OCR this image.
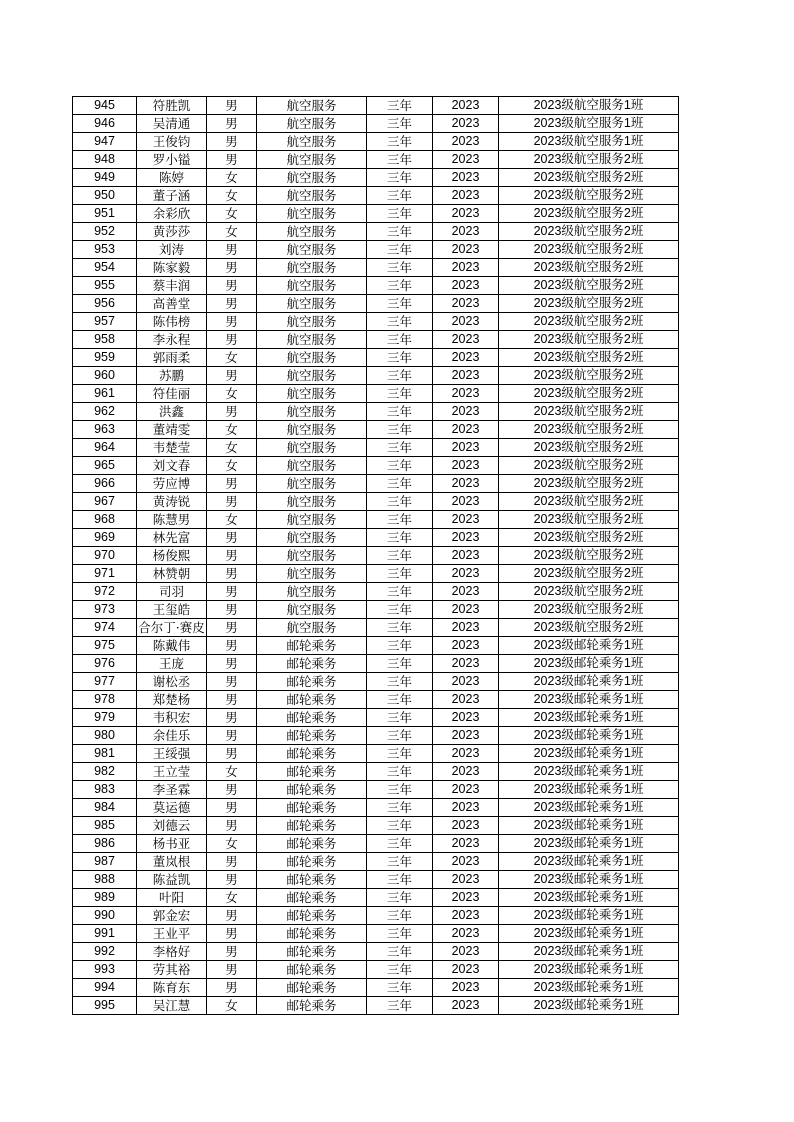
945	符胜凯	男	航空服务	三年	2023	2023级航空服务1班
946	吴清通	男	航空服务	三年	2023	2023级航空服务1班
947	王俊钧	男	航空服务	三年	2023	2023级航空服务1班
948	罗小镒	男	航空服务	三年	2023	2023级航空服务2班
949	陈婷	女	航空服务	三年	2023	2023级航空服务2班
950	董子涵	女	航空服务	三年	2023	2023级航空服务2班
951	余彩欣	女	航空服务	三年	2023	2023级航空服务2班
952	黄莎莎	女	航空服务	三年	2023	2023级航空服务2班
953	刘涛	男	航空服务	三年	2023	2023级航空服务2班
954	陈家毅	男	航空服务	三年	2023	2023级航空服务2班
955	蔡丰润	男	航空服务	三年	2023	2023级航空服务2班
956	高善堂	男	航空服务	三年	2023	2023级航空服务2班
957	陈伟榜	男	航空服务	三年	2023	2023级航空服务2班
958	李永程	男	航空服务	三年	2023	2023级航空服务2班
959	郭雨柔	女	航空服务	三年	2023	2023级航空服务2班
960	苏鹏	男	航空服务	三年	2023	2023级航空服务2班
961	符佳丽	女	航空服务	三年	2023	2023级航空服务2班
962	洪鑫	男	航空服务	三年	2023	2023级航空服务2班
963	董靖雯	女	航空服务	三年	2023	2023级航空服务2班
964	韦楚莹	女	航空服务	三年	2023	2023级航空服务2班
965	刘文春	女	航空服务	三年	2023	2023级航空服务2班
966	劳应博	男	航空服务	三年	2023	2023级航空服务2班
967	黄涛锐	男	航空服务	三年	2023	2023级航空服务2班
968	陈慧男	女	航空服务	三年	2023	2023级航空服务2班
969	林先富	男	航空服务	三年	2023	2023级航空服务2班
970	杨俊熙	男	航空服务	三年	2023	2023级航空服务2班
971	林赞朝	男	航空服务	三年	2023	2023级航空服务2班
972	司羽	男	航空服务	三年	2023	2023级航空服务2班
973	王玺皓	男	航空服务	三年	2023	2023级航空服务2班
974	合尔丁·赛皮	男	航空服务	三年	2023	2023级航空服务2班
975	陈戴伟	男	邮轮乘务	三年	2023	2023级邮轮乘务1班
976	王庞	男	邮轮乘务	三年	2023	2023级邮轮乘务1班
977	谢松丞	男	邮轮乘务	三年	2023	2023级邮轮乘务1班
978	郑楚杨	男	邮轮乘务	三年	2023	2023级邮轮乘务1班
979	韦积宏	男	邮轮乘务	三年	2023	2023级邮轮乘务1班
980	余佳乐	男	邮轮乘务	三年	2023	2023级邮轮乘务1班
981	王绥强	男	邮轮乘务	三年	2023	2023级邮轮乘务1班
982	王立莹	女	邮轮乘务	三年	2023	2023级邮轮乘务1班
983	李圣霖	男	邮轮乘务	三年	2023	2023级邮轮乘务1班
984	莫运德	男	邮轮乘务	三年	2023	2023级邮轮乘务1班
985	刘德云	男	邮轮乘务	三年	2023	2023级邮轮乘务1班
986	杨书亚	女	邮轮乘务	三年	2023	2023级邮轮乘务1班
987	董岚根	男	邮轮乘务	三年	2023	2023级邮轮乘务1班
988	陈益凯	男	邮轮乘务	三年	2023	2023级邮轮乘务1班
989	叶阳	女	邮轮乘务	三年	2023	2023级邮轮乘务1班
990	郭金宏	男	邮轮乘务	三年	2023	2023级邮轮乘务1班
991	王业平	男	邮轮乘务	三年	2023	2023级邮轮乘务1班
992	李格好	男	邮轮乘务	三年	2023	2023级邮轮乘务1班
993	劳其裕	男	邮轮乘务	三年	2023	2023级邮轮乘务1班
994	陈育东	男	邮轮乘务	三年	2023	2023级邮轮乘务1班
995	吴江慧	女	邮轮乘务	三年	2023	2023级邮轮乘务1班
